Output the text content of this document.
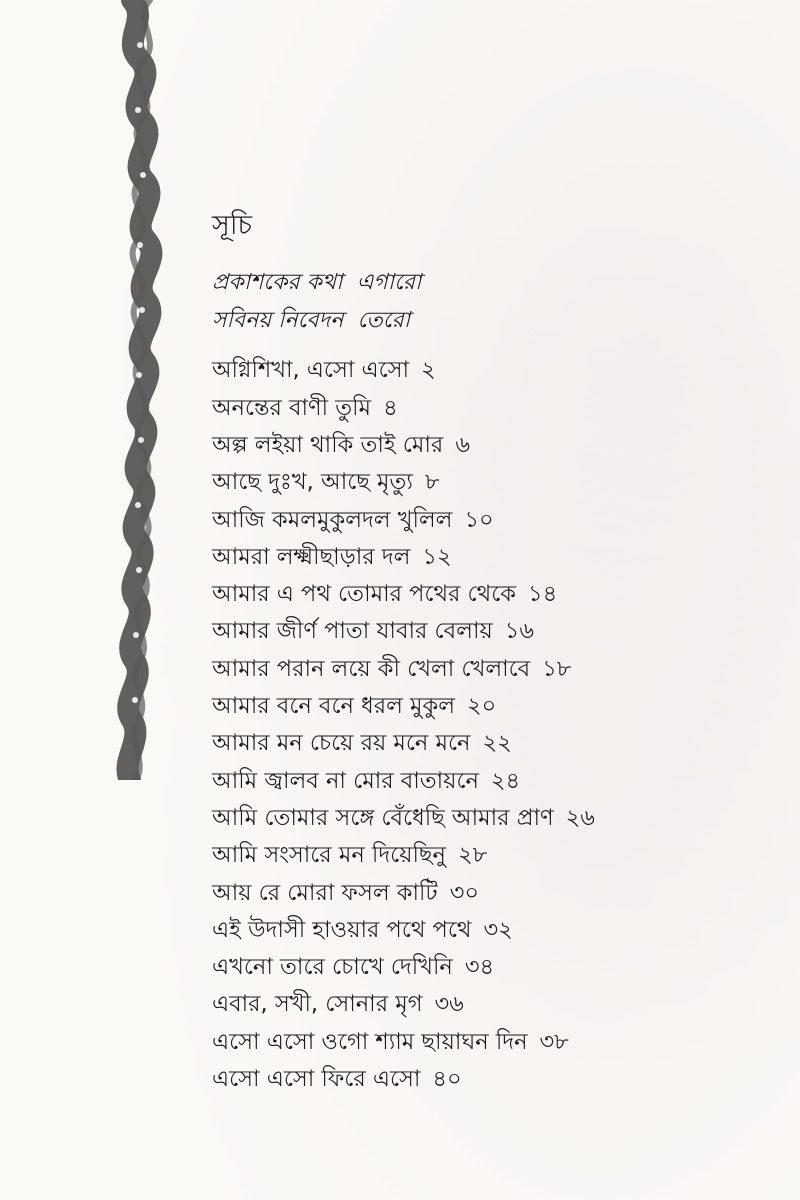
সূচি
প্রকাশকের কথা এগারো
সবিনয় নিবেদন তেরো
অগ্নিশিখা, এসো এসো ২
অনন্তের বাণী তুমি ৪
অল্প লইয়া থাকি তাই মোর ৬
আছে দুঃখ, আছে মৃত্যু ৮
আজি কমলমুকুলদল খুলিল ১০
আমরা লক্ষ্মীছাড়ার দল ১২
আমার এ পথ তোমার পথের থেকে ১৪
আমার জীর্ণ পাতা যাবার বেলায় ১৬
আমার পরান লয়ে কী খেলা খেলাবে ১৮
আমার বনে বনে ধরল মুকুল ২০
আমার মন চেয়ে রয় মনে মনে ২২
আমি জ্বালব না মোর বাতায়নে ২৪
আমি তোমার সঙ্গে বেঁধেছি আমার প্রাণ ২৬
আমি সংসারে মন দিয়েছিনু ২৮
আয় রে মোরা ফসল কাটি ৩০
এই উদাসী হাওয়ার পথে পথে ৩২
এখনো তারে চোখে দেখিনি ৩৪
এবার, সখী, সোনার মৃগ ৩৬
এসো এসো ওগো শ্যাম ছায়াঘন দিন ৩৮
এসো এসো ফিরে এসো ৪০
